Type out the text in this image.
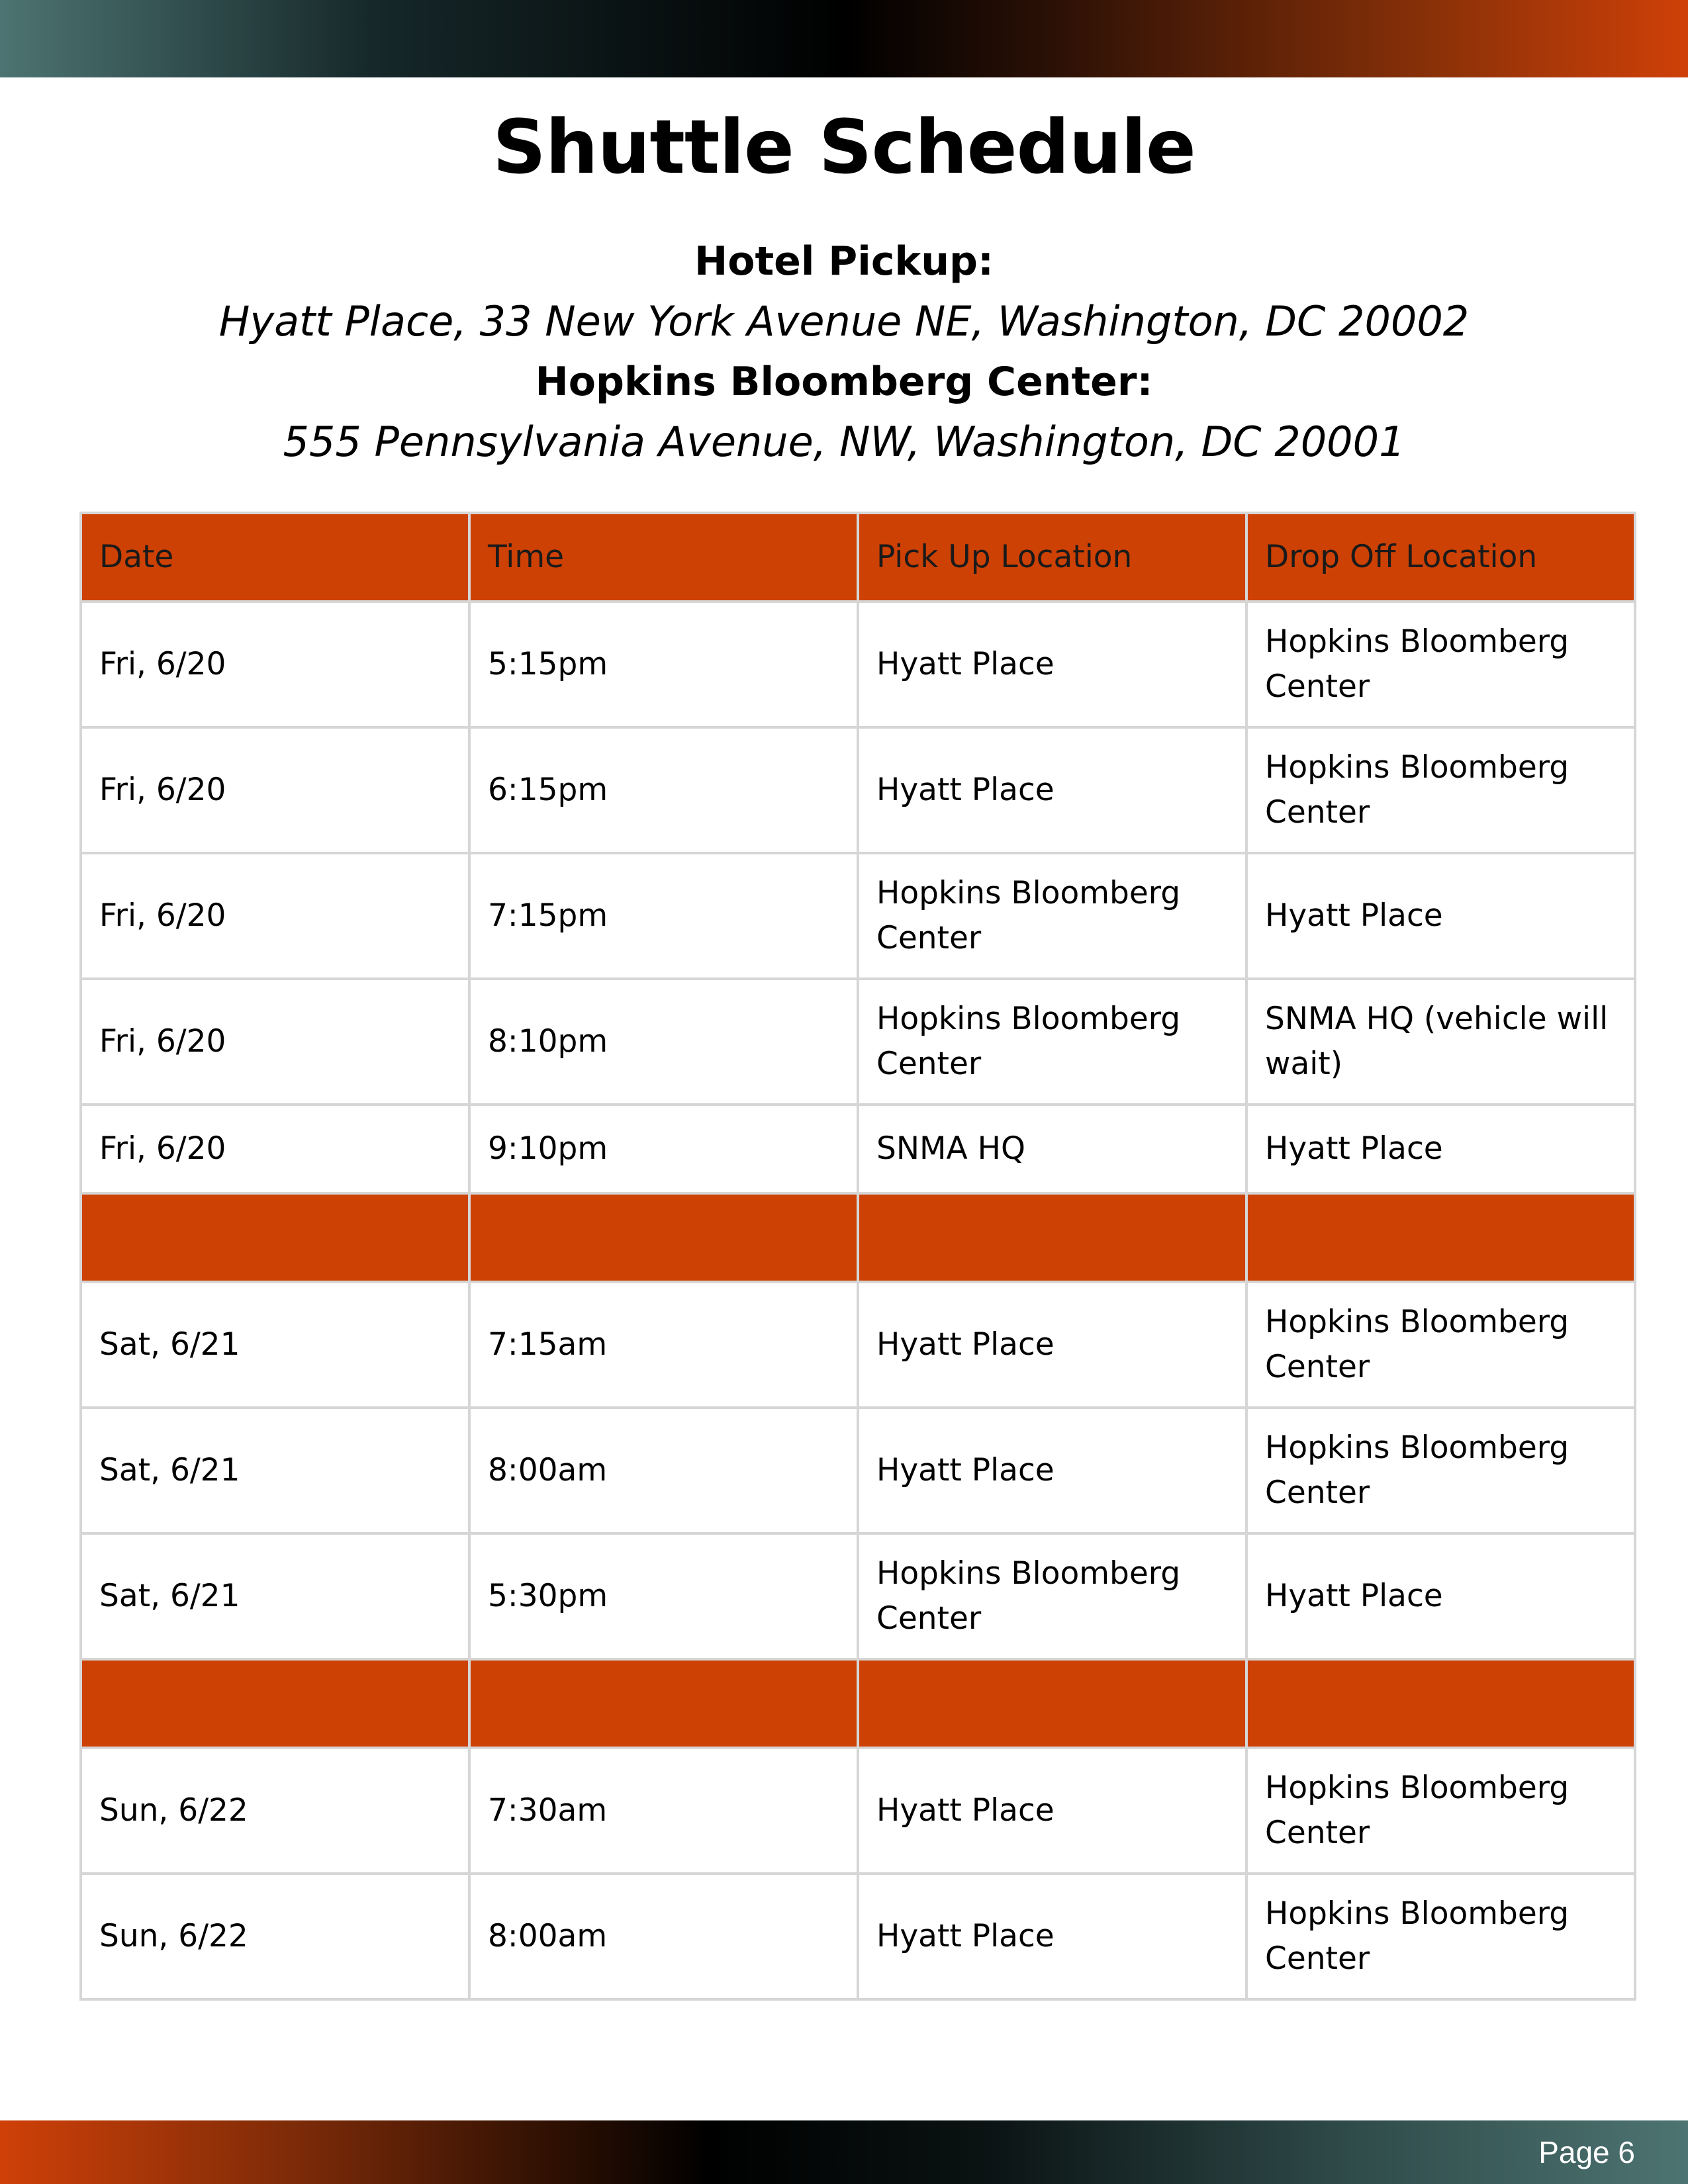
Shuttle Schedule
Hotel Pickup:
Hyatt Place, 33 New York Avenue NE, Washington, DC 20002
Hopkins Bloomberg Center:
555 Pennsylvania Avenue, NW, Washington, DC 20001
Date	Time	Pick Up Location	Drop Off Location
Fri, 6/20	5:15pm	Hyatt Place	Hopkins Bloomberg Center
Fri, 6/20	6:15pm	Hyatt Place	Hopkins Bloomberg Center
Fri, 6/20	7:15pm	Hopkins Bloomberg Center	Hyatt Place
Fri, 6/20	8:10pm	Hopkins Bloomberg Center	SNMA HQ (vehicle will wait)
Fri, 6/20	9:10pm	SNMA HQ	Hyatt Place

Sat, 6/21	7:15am	Hyatt Place	Hopkins Bloomberg Center
Sat, 6/21	8:00am	Hyatt Place	Hopkins Bloomberg Center
Sat, 6/21	5:30pm	Hopkins Bloomberg Center	Hyatt Place

Sun, 6/22	7:30am	Hyatt Place	Hopkins Bloomberg Center
Sun, 6/22	8:00am	Hyatt Place	Hopkins Bloomberg Center
Page 6
